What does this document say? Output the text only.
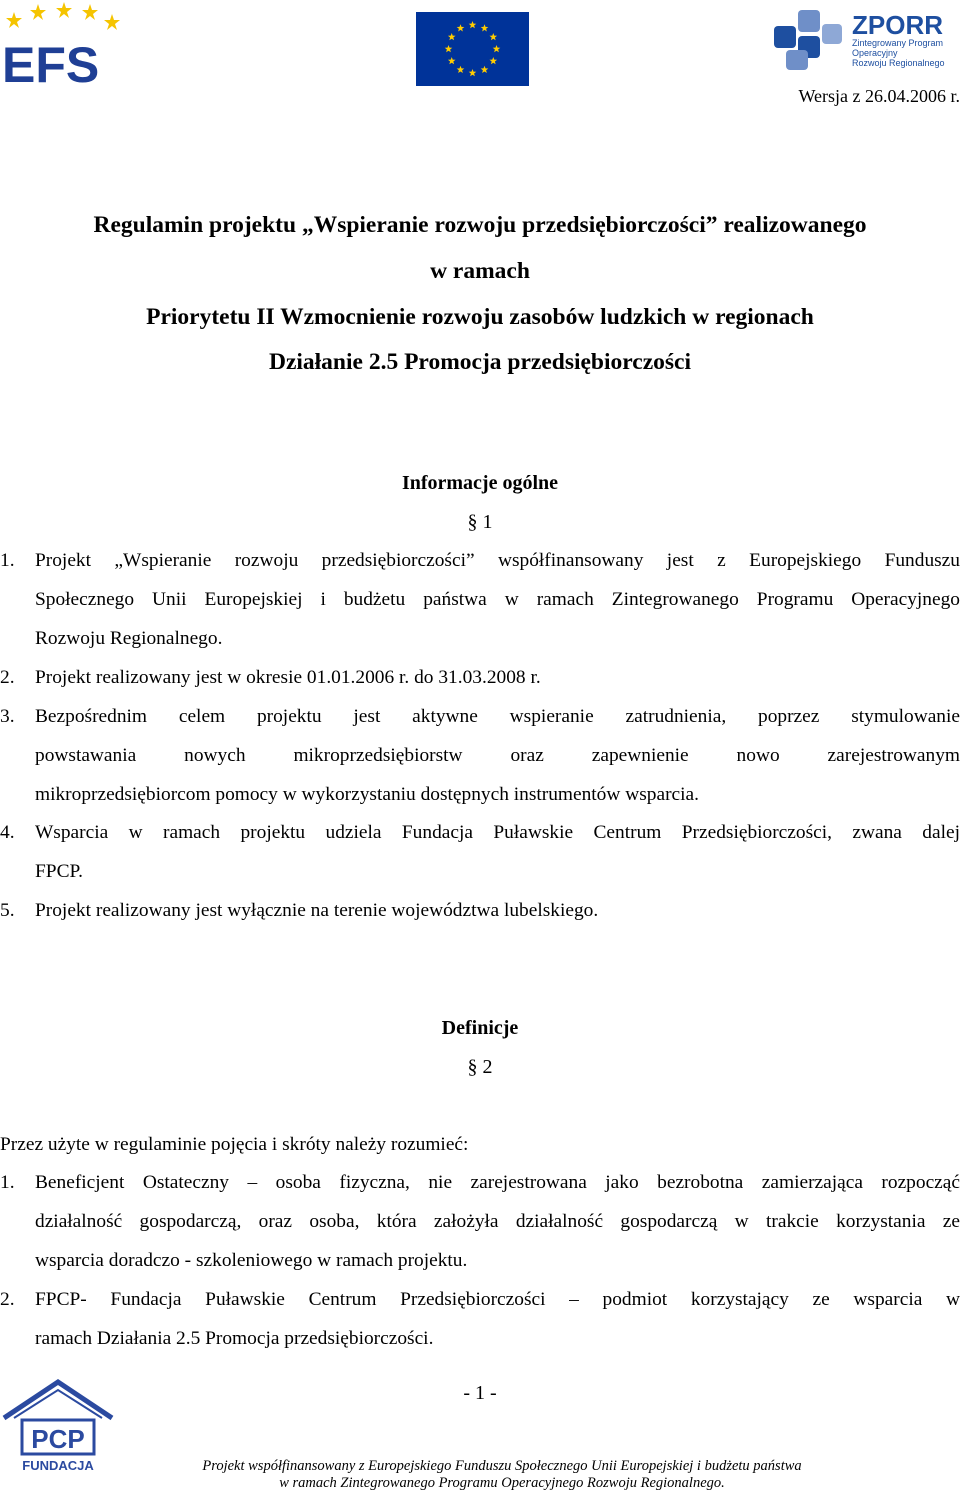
EFS
ZPORR
Zintegrowany Program
Operacyjny
Rozwoju Regionalnego
Wersja z 26.04.2006 r.
Regulamin projektu „Wspieranie rozwoju przedsiębiorczości” realizowanego
w ramach
Priorytetu II Wzmocnienie rozwoju zasobów ludzkich w regionach
Działanie 2.5 Promocja przedsiębiorczości
Informacje ogólne
§ 1
1. Projekt „Wspieranie rozwoju przedsiębiorczości” współfinansowany jest z Europejskiego Funduszu
Społecznego Unii Europejskiej i budżetu państwa w ramach Zintegrowanego Programu Operacyjnego
Rozwoju Regionalnego.
2. Projekt realizowany jest w okresie 01.01.2006 r. do 31.03.2008 r.
3. Bezpośrednim celem projektu jest aktywne wspieranie zatrudnienia, poprzez stymulowanie
powstawania nowych mikroprzedsiębiorstw oraz zapewnienie nowo zarejestrowanym
mikroprzedsiębiorcom pomocy w wykorzystaniu dostępnych instrumentów wsparcia.
4. Wsparcia w ramach projektu udziela Fundacja Puławskie Centrum Przedsiębiorczości, zwana dalej
FPCP.
5. Projekt realizowany jest wyłącznie na terenie województwa lubelskiego.
Definicje
§ 2
Przez użyte w regulaminie pojęcia i skróty należy rozumieć:
1. Beneficjent Ostateczny – osoba fizyczna, nie zarejestrowana jako bezrobotna zamierzająca rozpocząć
działalność gospodarczą, oraz osoba, która założyła działalność gospodarczą w trakcie korzystania ze
wsparcia doradczo - szkoleniowego w ramach projektu.
2. FPCP- Fundacja Puławskie Centrum Przedsiębiorczości – podmiot korzystający ze wsparcia w
ramach Działania 2.5 Promocja przedsiębiorczości.
- 1 -
PCP
FUNDACJA	Projekt współfinansowany z Europejskiego Funduszu Społecznego Unii Europejskiej i budżetu państwa
w ramach Zintegrowanego Programu Operacyjnego Rozwoju Regionalnego.
